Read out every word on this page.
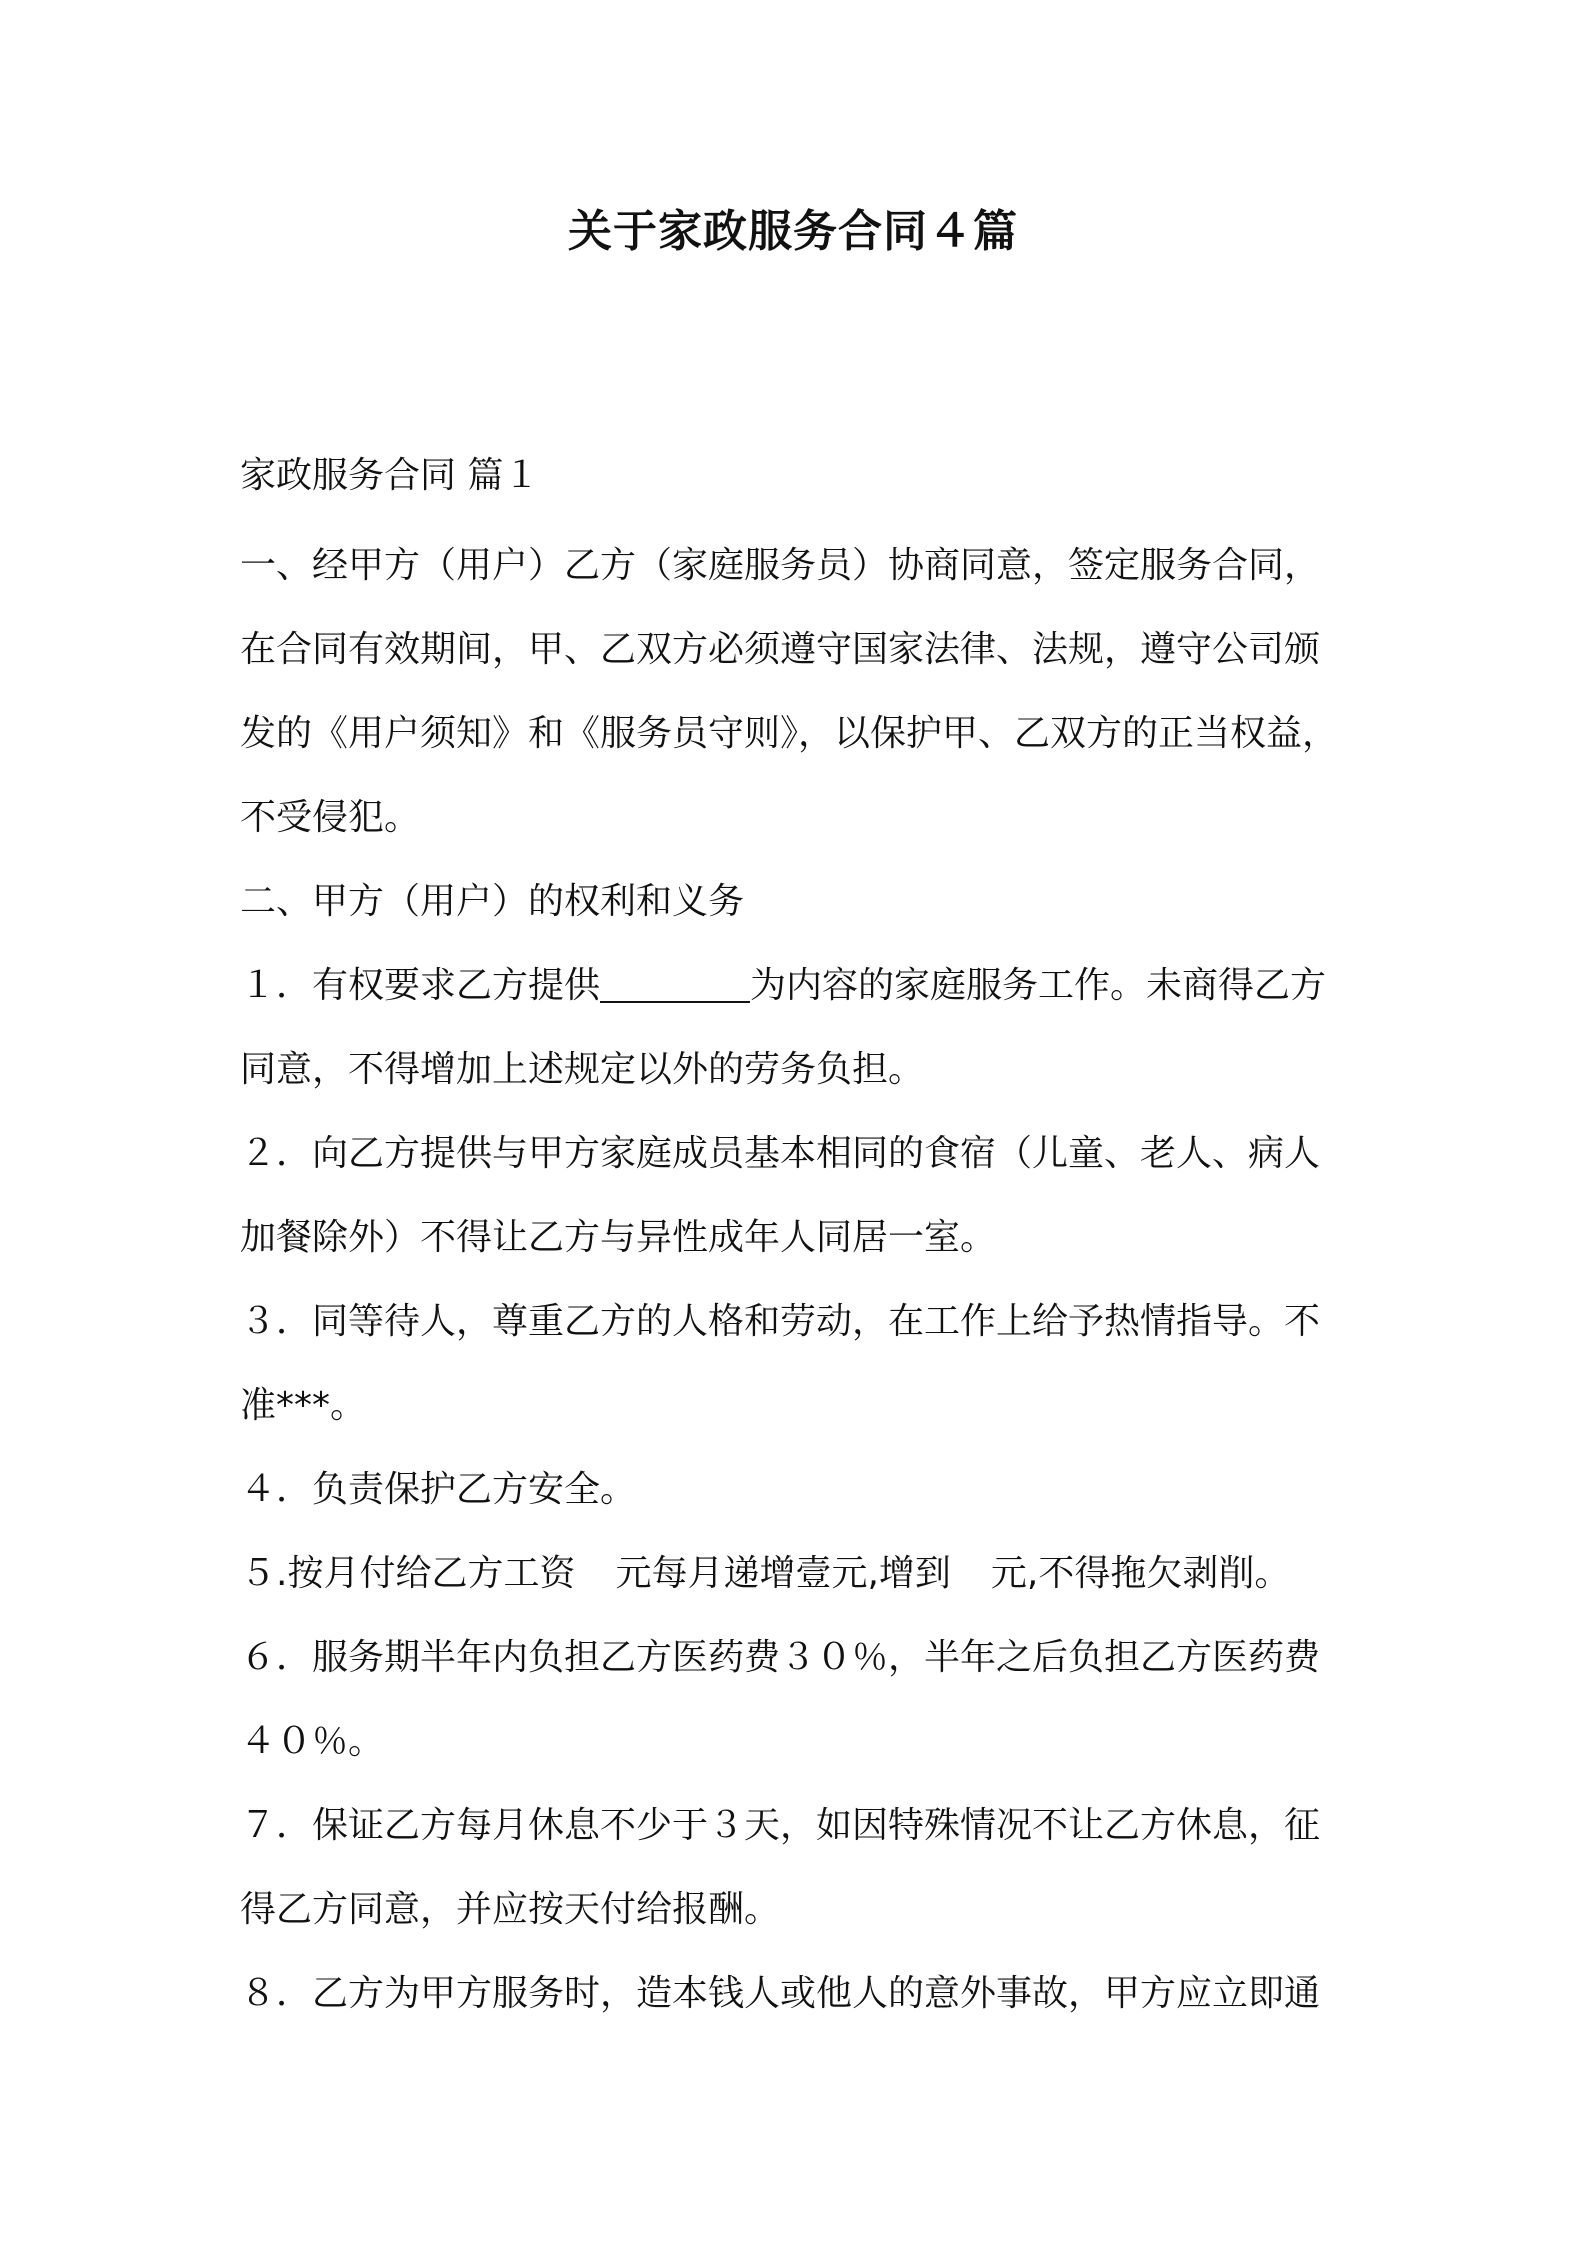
关于家政服务合同４篇
家政服务合同 篇１

一、经甲方（用户）乙方（家庭服务员）协商同意，签定服务合同，

在合同有效期间，甲、乙双方必须遵守国家法律、法规，遵守公司颁

发的《用户须知》和《服务员守则》，以保护甲、乙双方的正当权益，

不受侵犯。

二、甲方（用户）的权利和义务

１．有权要求乙方提供	为内容的家庭服务工作。未商得乙方

同意，不得增加上述规定以外的劳务负担。

２．向乙方提供与甲方家庭成员基本相同的食宿（儿童、老人、病人

加餐除外）不得让乙方与异性成年人同居一室。

３．同等待人，尊重乙方的人格和劳动，在工作上给予热情指导。不

准***。

４．负责保护乙方安全。

５.按月付给乙方工资 元每月递增壹元,增到 元,不得拖欠剥削。

６．服务期半年内负担乙方医药费３０％，半年之后负担乙方医药费

４０％。

７．保证乙方每月休息不少于３天，如因特殊情况不让乙方休息，征

得乙方同意，并应按天付给报酬。

８．乙方为甲方服务时，造本钱人或他人的意外事故，甲方应立即通
